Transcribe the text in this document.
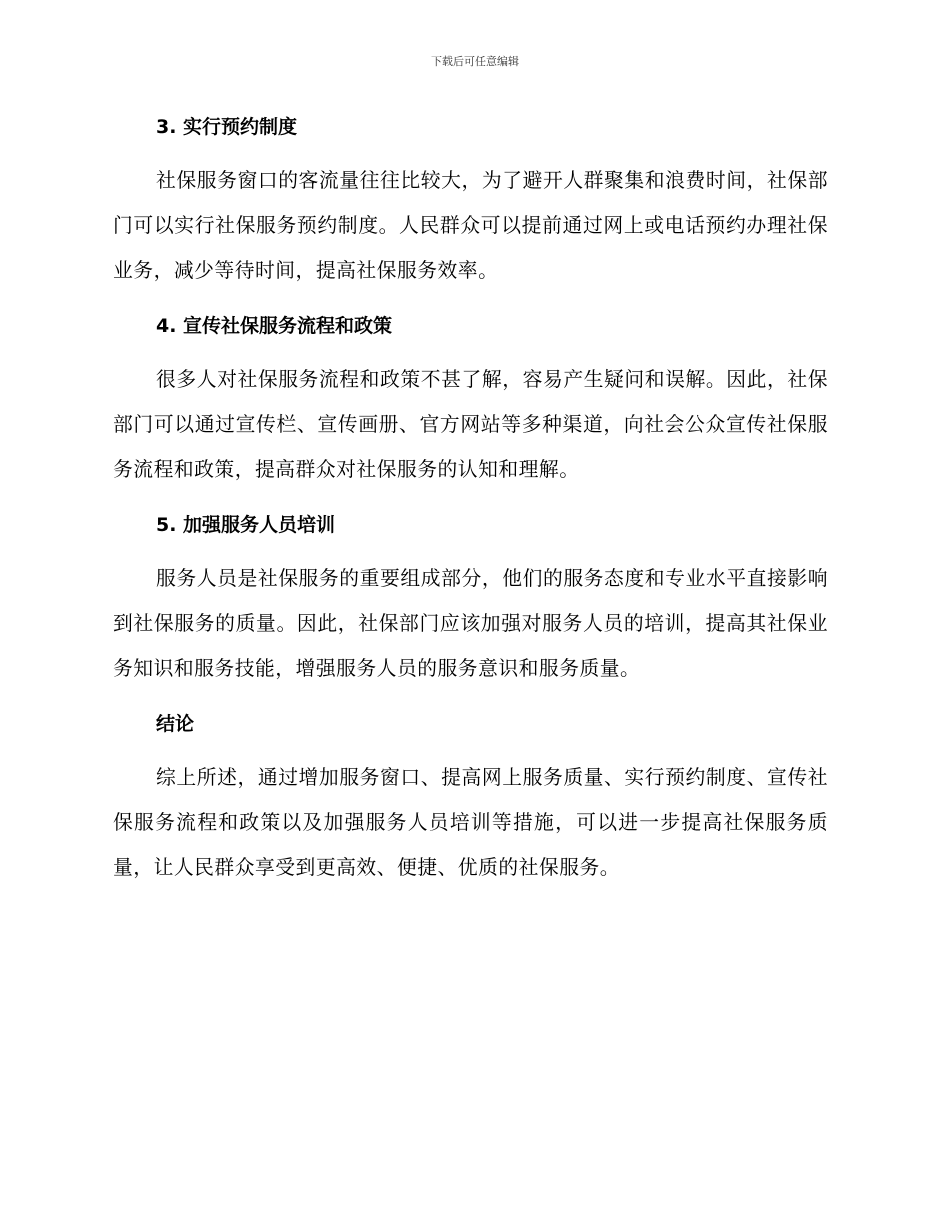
下载后可任意编辑
3. 实行预约制度

社保服务窗口的客流量往往比较大，为了避开人群聚集和浪费时间，社保部门可以实行社保服务预约制度。人民群众可以提前通过网上或电话预约办理社保业务，减少等待时间，提高社保服务效率。

4. 宣传社保服务流程和政策

很多人对社保服务流程和政策不甚了解，容易产生疑问和误解。因此，社保部门可以通过宣传栏、宣传画册、官方网站等多种渠道，向社会公众宣传社保服务流程和政策，提高群众对社保服务的认知和理解。

5. 加强服务人员培训

服务人员是社保服务的重要组成部分，他们的服务态度和专业水平直接影响到社保服务的质量。因此，社保部门应该加强对服务人员的培训，提高其社保业务知识和服务技能，增强服务人员的服务意识和服务质量。

结论

综上所述，通过增加服务窗口、提高网上服务质量、实行预约制度、宣传社保服务流程和政策以及加强服务人员培训等措施，可以进一步提高社保服务质量，让人民群众享受到更高效、便捷、优质的社保服务。
